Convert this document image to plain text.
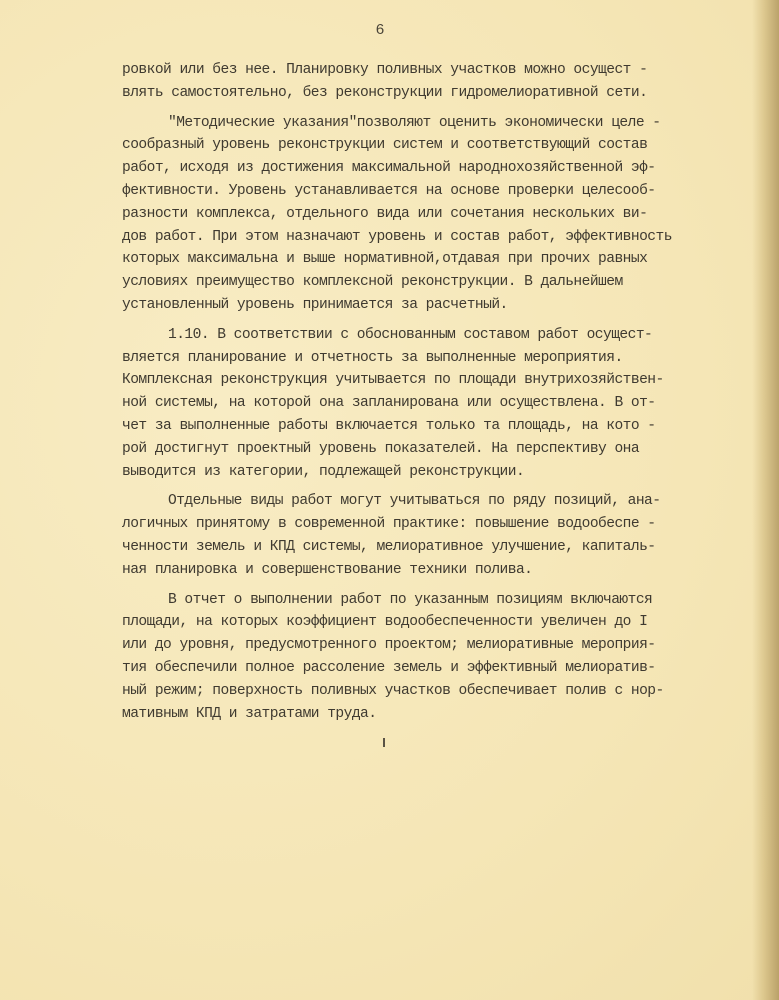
6
ровкой или без нее. Планировку поливных участков можно осущест -
влять самостоятельно, без реконструкции гидромелиоративной сети.
"Методические указания"позволяют оценить экономически целе -
сообразный уровень реконструкции систем и соответствующий состав
работ, исходя из достижения максимальной народнохозяйственной эф-
фективности. Уровень устанавливается на основе проверки целесооб-
разности комплекса, отдельного вида или сочетания нескольких ви-
дов работ. При этом назначают уровень и состав работ, эффективность
которых максимальна и выше нормативной,отдавая при прочих равных
условиях преимущество комплексной реконструкции. В дальнейшем
установленный уровень принимается за расчетный.
1.10. В соответствии с обоснованным составом работ осущест-
вляется планирование и отчетность за выполненные мероприятия.
Комплексная реконструкция учитывается по площади внутрихозяйствен-
ной системы, на которой она запланирована или осуществлена. В от-
чет за выполненные работы включается только та площадь, на кото -
рой достигнут проектный уровень показателей. На перспективу она
выводится из категории, подлежащей реконструкции.
Отдельные виды работ могут учитываться по ряду позиций, ана-
логичных принятому в современной практике: повышение водообеспе -
ченности земель и КПД системы, мелиоративное улучшение, капиталь-
ная планировка и совершенствование техники полива.
В отчет о выполнении работ по указанным позициям включаются
площади, на которых коэффициент водообеспеченности увеличен до I
или до уровня, предусмотренного проектом; мелиоративные мероприя-
тия обеспечили полное рассоление земель и эффективный мелиоратив-
ный режим; поверхность поливных участков обеспечивает полив с нор-
мативным КПД и затратами труда.
